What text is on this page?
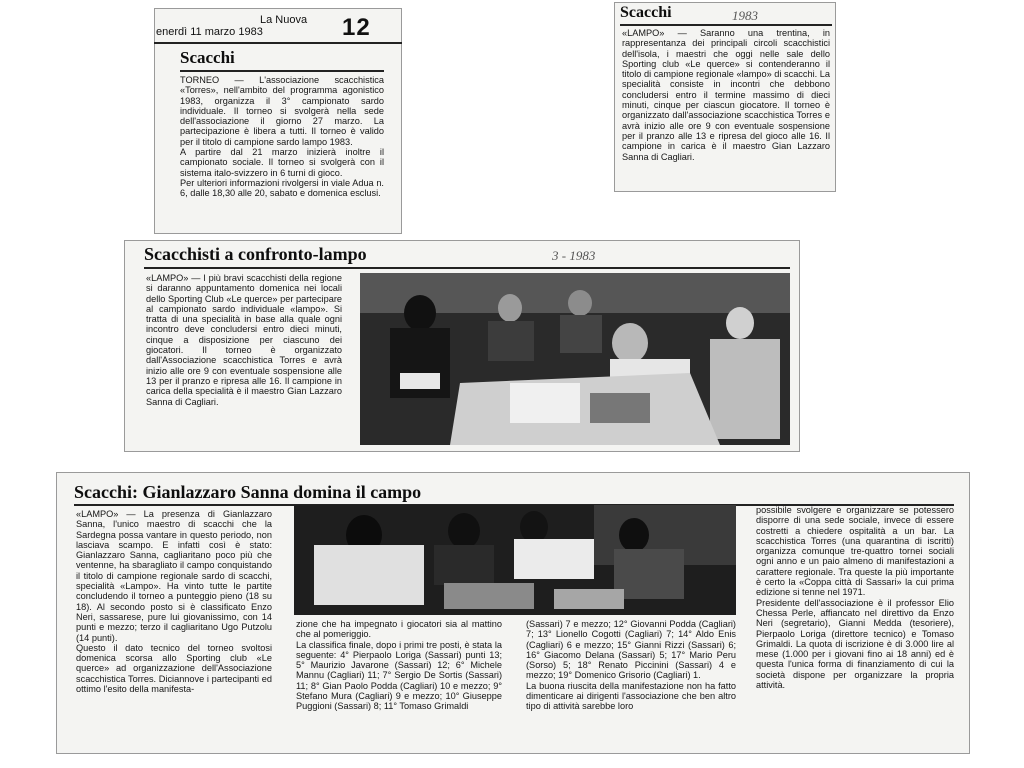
La Nuova
enerdì 11 marzo 1983	12
Scacchi

TORNEO — L'associazione scacchistica «Torres», nell'ambito del programma agonistico 1983, organizza il 3° campionato sardo individuale. Il torneo si svolgerà nella sede dell'associazione il giorno 27 marzo. La partecipazione è libera a tutti. Il torneo è valido per il titolo di campione sardo lampo 1983.
A partire dal 21 marzo inizierà inoltre il campionato sociale. Il torneo si svolgerà con il sistema italo-svizzero in 6 turni di gioco.
Per ulteriori informazioni rivolgersi in viale Adua n. 6, dalle 18,30 alle 20, sabato e domenica esclusi.

Scacchi	1983

«LAMPO» — Saranno una trentina, in rappresentanza dei principali circoli scacchistici dell'isola, i maestri che oggi nelle sale dello Sporting club «Le querce» si contenderanno il titolo di campione regionale «lampo» di scacchi. La specialità consiste in incontri che debbono concludersi entro il termine massimo di dieci minuti, cinque per ciascun giocatore. Il torneo è organizzato dall'associazione scacchistica Torres e avrà inizio alle ore 9 con eventuale sospensione per il pranzo alle 13 e ripresa del gioco alle 16. Il campione in carica è il maestro Gian Lazzaro Sanna di Cagliari.

Scacchisti a confronto-lampo	3 - 1983

«LAMPO» — I più bravi scacchisti della regione si daranno appuntamento domenica nei locali dello Sporting Club «Le querce» per partecipare al campionato sardo individuale «lampo». Si tratta di una specialità in base alla quale ogni incontro deve concludersi entro dieci minuti, cinque a disposizione per ciascuno dei giocatori. Il torneo è organizzato dall'Associazione scacchistica Torres e avrà inizio alle ore 9 con eventuale sospensione alle 13 per il pranzo e ripresa alle 16. Il campione in carica della specialità è il maestro Gian Lazzaro Sanna di Cagliari.

Scacchi: Gianlazzaro Sanna domina il campo

«LAMPO» — La presenza di Gianlazzaro Sanna, l'unico maestro di scacchi che la Sardegna possa vantare in questo periodo, non lasciava scampo. E infatti così è stato: Gianlazzaro Sanna, cagliaritano poco più che ventenne, ha sbaragliato il campo conquistando il titolo di campione regionale sardo di scacchi, specialità «Lampo». Ha vinto tutte le partite concludendo il torneo a punteggio pieno (18 su 18). Al secondo posto si è classificato Enzo Neri, sassarese, pure lui giovanissimo, con 14 punti e mezzo; terzo il cagliaritano Ugo Putzolu (14 punti).
Questo il dato tecnico del torneo svoltosi domenica scorsa allo Sporting club «Le querce» ad organizzazione dell'Associazione scacchistica Torres. Diciannove i partecipanti ed ottimo l'esito della manifesta-

zione che ha impegnato i giocatori sia al mattino che al pomeriggio.
La classifica finale, dopo i primi tre posti, è stata la seguente: 4° Pierpaolo Loriga (Sassari) punti 13; 5° Maurizio Javarone (Sassari) 12; 6° Michele Mannu (Cagliari) 11; 7° Sergio De Sortis (Sassari) 11; 8° Gian Paolo Podda (Cagliari) 10 e mezzo; 9° Stefano Mura (Cagliari) 9 e mezzo; 10° Giuseppe Puggioni (Sassari) 8; 11° Tomaso Grimaldi

(Sassari) 7 e mezzo; 12° Giovanni Podda (Cagliari) 7; 13° Lionello Cogotti (Cagliari) 7; 14° Aldo Enis (Cagliari) 6 e mezzo; 15° Gianni Rizzi (Sassari) 6; 16° Giacomo Delana (Sassari) 5; 17° Mario Peru (Sorso) 5; 18° Renato Piccinini (Sassari) 4 e mezzo; 19° Domenico Grisorio (Cagliari) 1.
La buona riuscita della manifestazione non ha fatto dimenticare ai dirigenti l'associazione che ben altro tipo di attività sarebbe loro

possibile svolgere e organizzare se potessero disporre di una sede sociale, invece di essere costretti a chiedere ospitalità a un bar. La scacchistica Torres (una quarantina di iscritti) organizza comunque tre-quattro tornei sociali ogni anno e un paio almeno di manifestazioni a carattere regionale. Tra queste la più importante è certo la «Coppa città di Sassari» la cui prima edizione si tenne nel 1971.
Presidente dell'associazione è il professor Elio Chessa Perle, affiancato nel direttivo da Enzo Neri (segretario), Gianni Medda (tesoriere), Pierpaolo Loriga (direttore tecnico) e Tomaso Grimaldi. La quota di iscrizione è di 3.000 lire al mese (1.000 per i giovani fino ai 18 anni) ed è questa l'unica forma di finanziamento di cui la società dispone per organizzare la propria attività.
